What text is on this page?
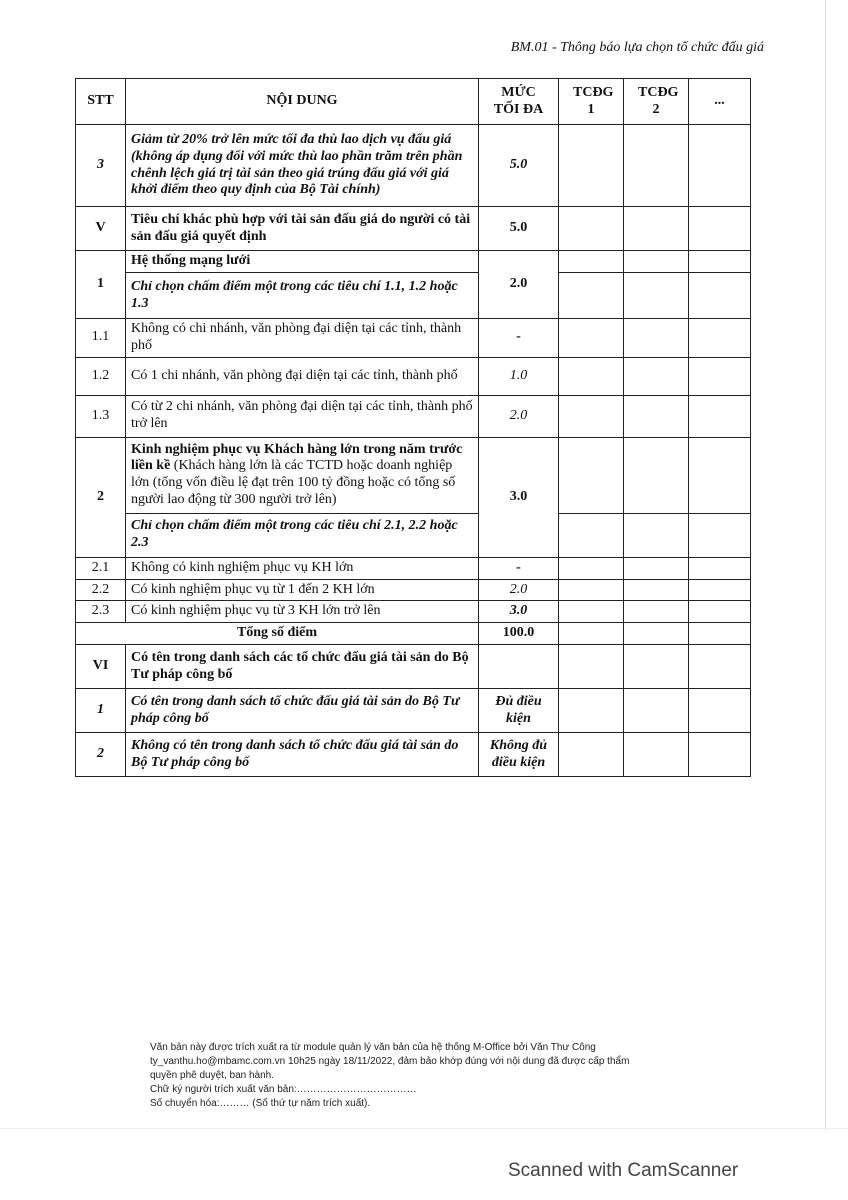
BM.01 - Thông báo lựa chọn tổ chức đấu giá
STT	NỘI DUNG	MỨC TỐI ĐA	TCĐG 1	TCĐG 2	...
3	Giảm từ 20% trở lên mức tối đa thù lao dịch vụ đấu giá (không áp dụng đối với mức thù lao phần trăm trên phần chênh lệch giá trị tài sản theo giá trúng đấu giá với giá khởi điểm theo quy định của Bộ Tài chính)	5.0			
V	Tiêu chí khác phù hợp với tài sản đấu giá do người có tài sản đấu giá quyết định	5.0			
1	Hệ thống mạng lưới	2.0			
	Chỉ chọn chấm điểm một trong các tiêu chí 1.1, 1.2 hoặc 1.3				
1.1	Không có chi nhánh, văn phòng đại diện tại các tỉnh, thành phố	-			
1.2	Có 1 chi nhánh, văn phòng đại diện tại các tỉnh, thành phố	1.0			
1.3	Có từ 2 chi nhánh, văn phòng đại diện tại các tỉnh, thành phố trở lên	2.0			
2	Kinh nghiệm phục vụ Khách hàng lớn trong năm trước liền kề (Khách hàng lớn là các TCTD hoặc doanh nghiệp lớn (tổng vốn điều lệ đạt trên 100 tỷ đồng hoặc có tổng số người lao động từ 300 người trở lên)	3.0			
	Chỉ chọn chấm điểm một trong các tiêu chí 2.1, 2.2 hoặc 2.3				
2.1	Không có kinh nghiệm phục vụ KH lớn	-			
2.2	Có kinh nghiệm phục vụ từ 1 đến 2 KH lớn	2.0			
2.3	Có kinh nghiệm phục vụ từ 3 KH lớn trở lên	3.0			
Tổng số điểm		100.0			
VI	Có tên trong danh sách các tổ chức đấu giá tài sản do Bộ Tư pháp công bố				
1	Có tên trong danh sách tổ chức đấu giá tài sản do Bộ Tư pháp công bố	Đủ điều kiện			
2	Không có tên trong danh sách tổ chức đấu giá tài sản do Bộ Tư pháp công bố	Không đủ điều kiện			
Văn bản này được trích xuất ra từ module quản lý văn bản của hệ thống M-Office bởi Văn Thư Công
ty_vanthu.ho@mbamc.com.vn 10h25 ngày 18/11/2022, đảm bảo khớp đúng với nội dung đã được cấp thẩm
quyền phê duyệt, ban hành.
Chữ ký người trích xuất văn bản:………………………………
Số chuyển hóa:……… (Số thứ tự năm trích xuất).
Scanned with CamScanner
